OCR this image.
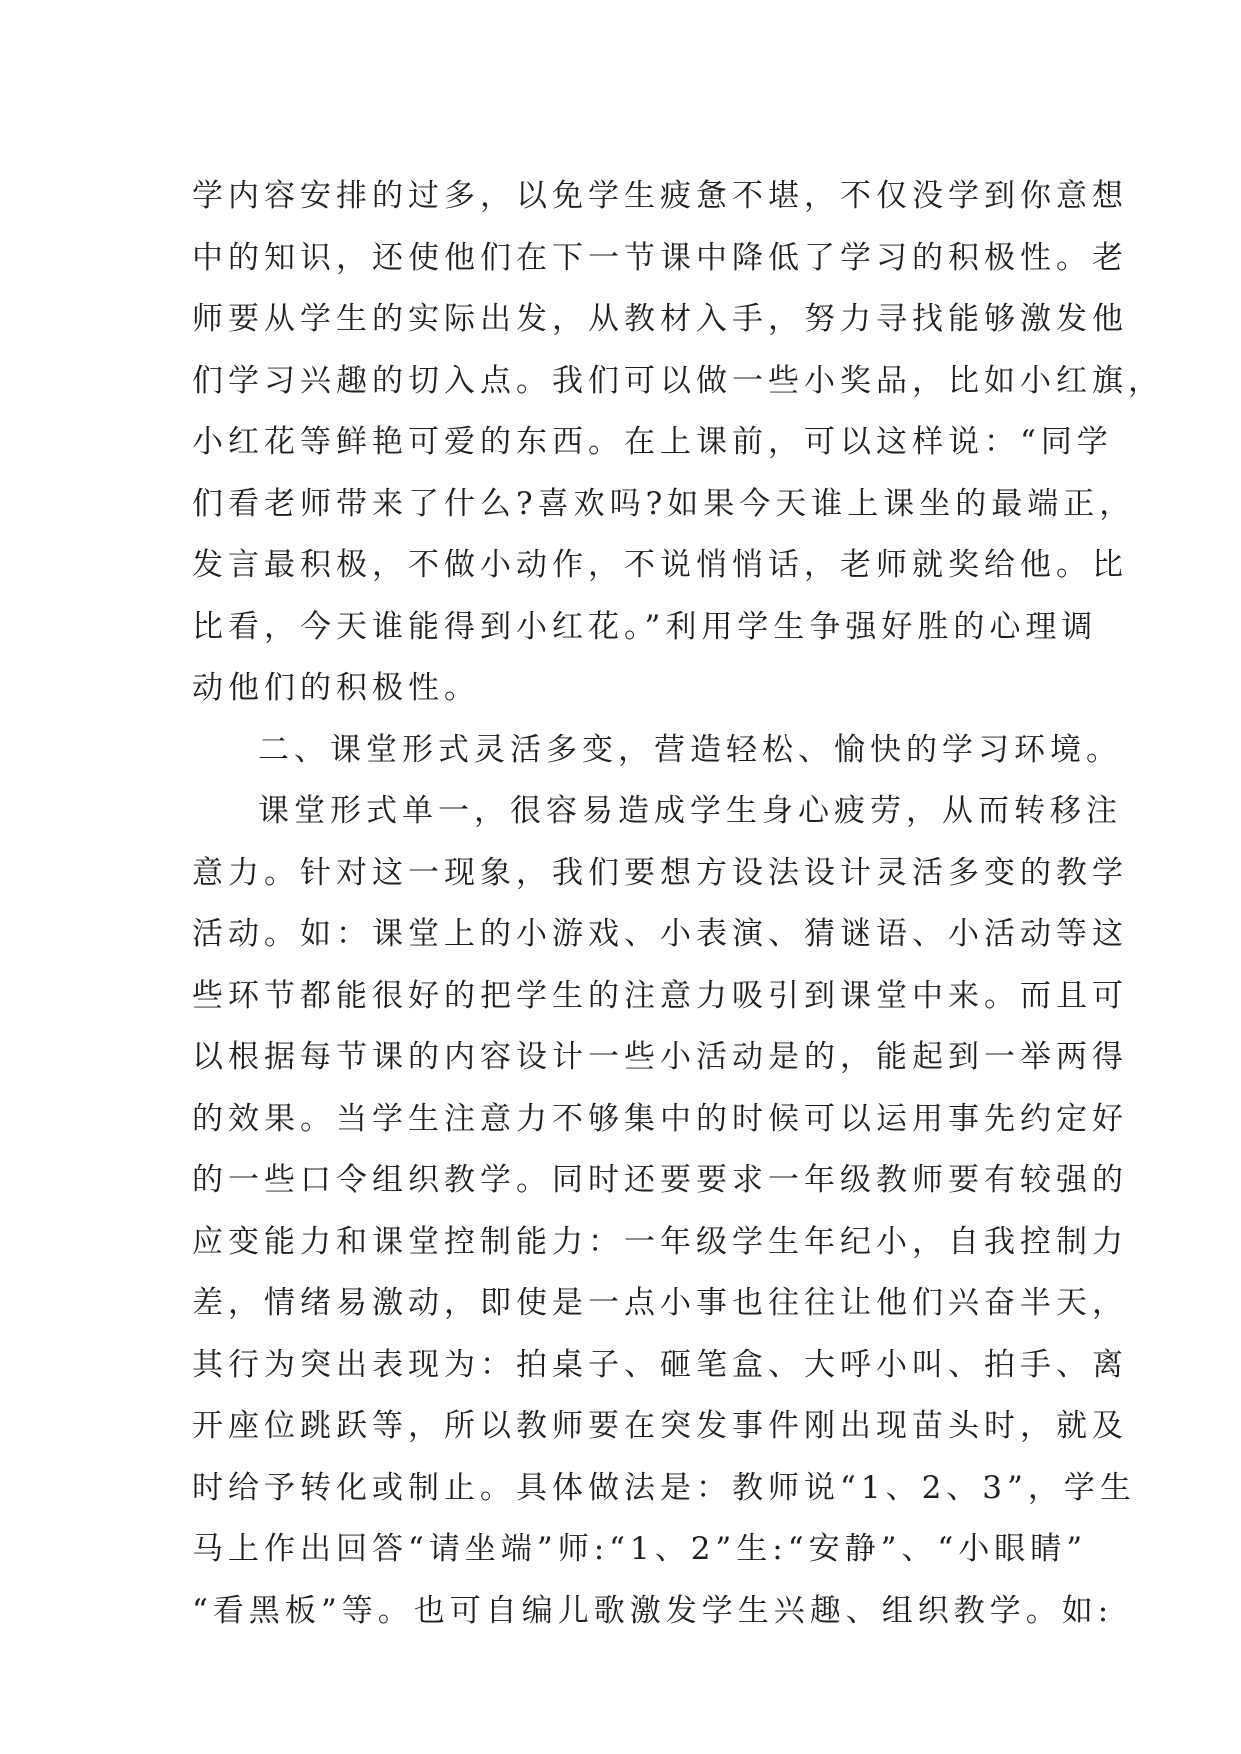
学内容安排的过多，以免学生疲惫不堪，不仅没学到你意想
中的知识，还使他们在下一节课中降低了学习的积极性。老
师要从学生的实际出发，从教材入手，努力寻找能够激发他
们学习兴趣的切入点。我们可以做一些小奖品，比如小红旗，
小红花等鲜艳可爱的东西。在上课前，可以这样说：“同学
们看老师带来了什么?喜欢吗?如果今天谁上课坐的最端正，
发言最积极，不做小动作，不说悄悄话，老师就奖给他。比
比看，今天谁能得到小红花。”利用学生争强好胜的心理调
动他们的积极性。
二、课堂形式灵活多变，营造轻松、愉快的学习环境。
课堂形式单一，很容易造成学生身心疲劳，从而转移注
意力。针对这一现象，我们要想方设法设计灵活多变的教学
活动。如：课堂上的小游戏、小表演、猜谜语、小活动等这
些环节都能很好的把学生的注意力吸引到课堂中来。而且可
以根据每节课的内容设计一些小活动是的，能起到一举两得
的效果。当学生注意力不够集中的时候可以运用事先约定好
的一些口令组织教学。同时还要要求一年级教师要有较强的
应变能力和课堂控制能力：一年级学生年纪小，自我控制力
差，情绪易激动，即使是一点小事也往往让他们兴奋半天，
其行为突出表现为：拍桌子、砸笔盒、大呼小叫、拍手、离
开座位跳跃等，所以教师要在突发事件刚出现苗头时，就及
时给予转化或制止。具体做法是：教师说“1、2、3”，学生
马上作出回答“请坐端”师:“1、2”生:“安静”、“小眼睛”
“看黑板”等。也可自编儿歌激发学生兴趣、组织教学。如:
